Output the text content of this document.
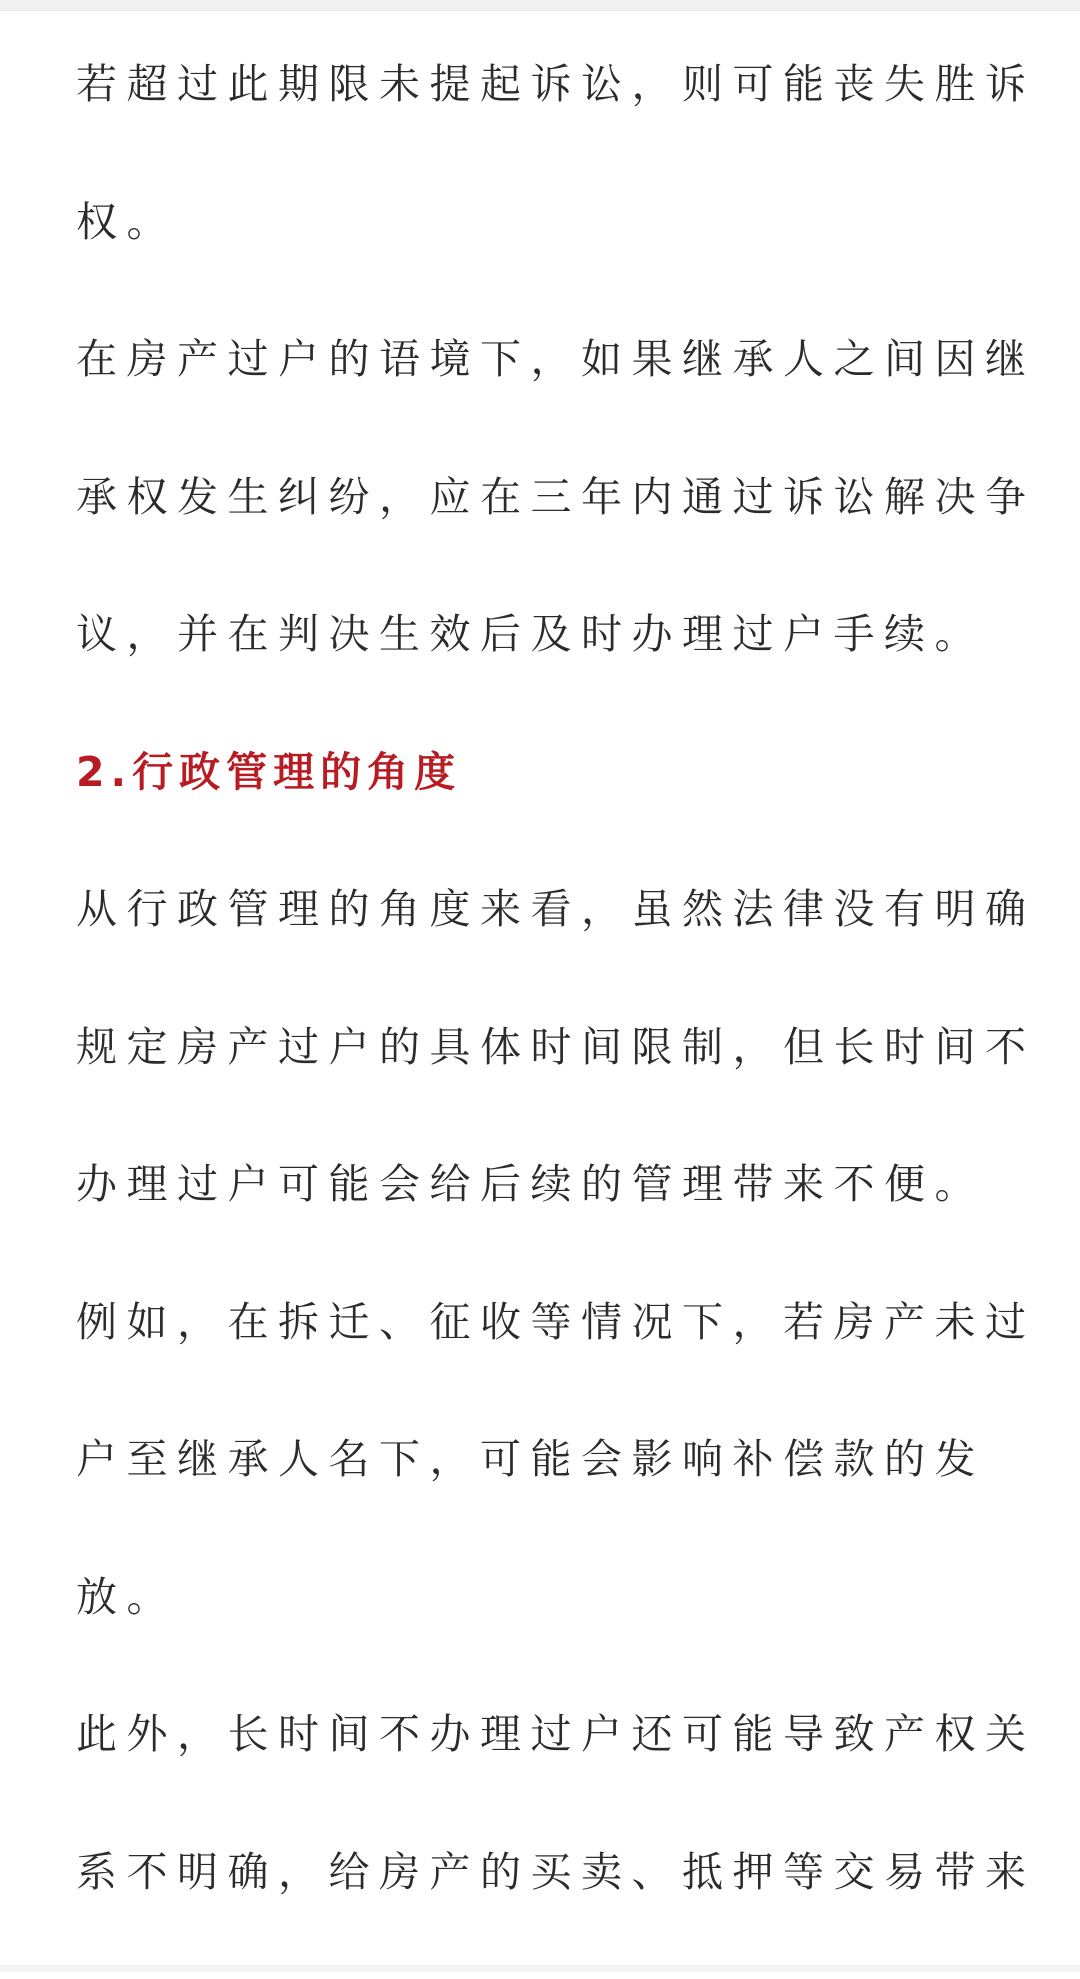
若超过此期限未提起诉讼，则可能丧失胜诉
权。
在房产过户的语境下，如果继承人之间因继
承权发生纠纷，应在三年内通过诉讼解决争
议，并在判决生效后及时办理过户手续。
2.行政管理的角度
从行政管理的角度来看，虽然法律没有明确
规定房产过户的具体时间限制，但长时间不
办理过户可能会给后续的管理带来不便。
例如，在拆迁、征收等情况下，若房产未过
户至继承人名下，可能会影响补偿款的发
放。
此外，长时间不办理过户还可能导致产权关
系不明确，给房产的买卖、抵押等交易带来
